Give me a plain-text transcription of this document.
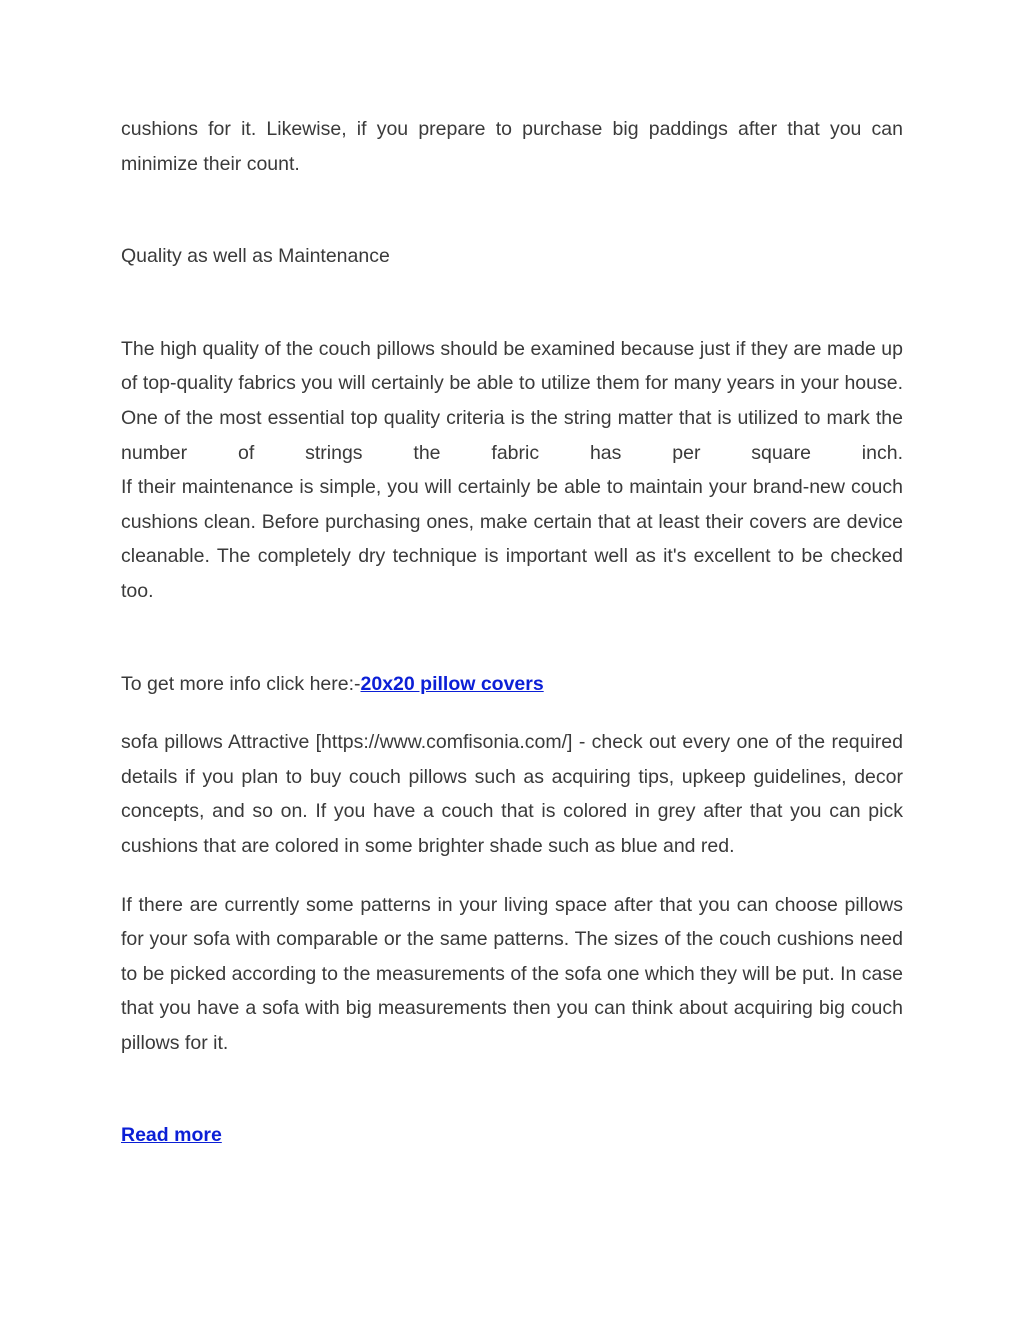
cushions for it. Likewise, if you prepare to purchase big paddings after that you can minimize their count.

Quality as well as Maintenance

The high quality of the couch pillows should be examined because just if they are made up of top-quality fabrics you will certainly be able to utilize them for many years in your house. One of the most essential top quality criteria is the string matter that is utilized to mark the number of strings the fabric has per square inch.

If their maintenance is simple, you will certainly be able to maintain your brand-new couch cushions clean. Before purchasing ones, make certain that at least their covers are device cleanable. The completely dry technique is important well as it's excellent to be checked too.

To get more info click here:-20x20 pillow covers

sofa pillows Attractive [https://www.comfisonia.com/] - check out every one of the required details if you plan to buy couch pillows such as acquiring tips, upkeep guidelines, decor concepts, and so on. If you have a couch that is colored in grey after that you can pick cushions that are colored in some brighter shade such as blue and red.

If there are currently some patterns in your living space after that you can choose pillows for your sofa with comparable or the same patterns. The sizes of the couch cushions need to be picked according to the measurements of the sofa one which they will be put. In case that you have a sofa with big measurements then you can think about acquiring big couch pillows for it.

Read more
